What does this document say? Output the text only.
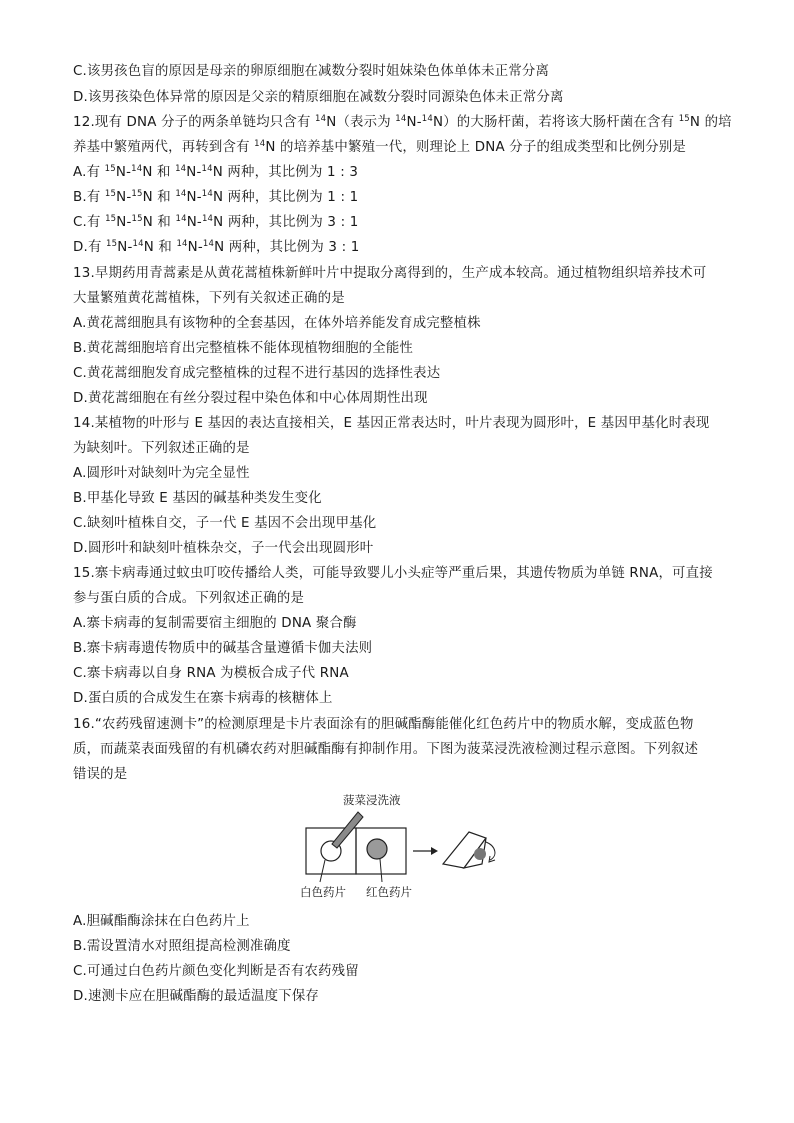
C.该男孩色盲的原因是母亲的卵原细胞在减数分裂时姐妹染色体单体未正常分离
D.该男孩染色体异常的原因是父亲的精原细胞在减数分裂时同源染色体未正常分离
12.现有 DNA 分子的两条单链均只含有 $^{14}$N（表示为 $^{14}$N-$^{14}$N）的大肠杆菌，若将该大肠杆菌在含有 $^{15}$N 的培
养基中繁殖两代，再转到含有 $^{14}$N 的培养基中繁殖一代，则理论上 DNA 分子的组成类型和比例分别是
A.有 $^{15}$N-$^{14}$N 和 $^{14}$N-$^{14}$N 两种，其比例为 1 : 3
B.有 $^{15}$N-$^{15}$N 和 $^{14}$N-$^{14}$N 两种，其比例为 1 : 1
C.有 $^{15}$N-$^{15}$N 和 $^{14}$N-$^{14}$N 两种，其比例为 3 : 1
D.有 $^{15}$N-$^{14}$N 和 $^{14}$N-$^{14}$N 两种，其比例为 3 : 1
13.早期药用青蒿素是从黄花蒿植株新鲜叶片中提取分离得到的，生产成本较高。通过植物组织培养技术可
大量繁殖黄花蒿植株，下列有关叙述正确的是
A.黄花蒿细胞具有该物种的全套基因，在体外培养能发育成完整植株
B.黄花蒿细胞培育出完整植株不能体现植物细胞的全能性
C.黄花蒿细胞发育成完整植株的过程不进行基因的选择性表达
D.黄花蒿细胞在有丝分裂过程中染色体和中心体周期性出现
14.某植物的叶形与 E 基因的表达直接相关，E 基因正常表达时，叶片表现为圆形叶，E 基因甲基化时表现
为缺刻叶。下列叙述正确的是
A.圆形叶对缺刻叶为完全显性
B.甲基化导致 E 基因的碱基种类发生变化
C.缺刻叶植株自交，子一代 E 基因不会出现甲基化
D.圆形叶和缺刻叶植株杂交，子一代会出现圆形叶
15.寨卡病毒通过蚊虫叮咬传播给人类，可能导致婴儿小头症等严重后果，其遗传物质为单链 RNA，可直接
参与蛋白质的合成。下列叙述正确的是
A.寨卡病毒的复制需要宿主细胞的 DNA 聚合酶
B.寨卡病毒遗传物质中的碱基含量遵循卡伽夫法则
C.寨卡病毒以自身 RNA 为模板合成子代 RNA
D.蛋白质的合成发生在寨卡病毒的核糖体上
16.“农药残留速测卡”的检测原理是卡片表面涂有的胆碱酯酶能催化红色药片中的物质水解，变成蓝色物
质，而蔬菜表面残留的有机磷农药对胆碱酯酶有抑制作用。下图为菠菜浸洗液检测过程示意图。下列叙述
错误的是
菠菜浸洗液
白色药片 红色药片
A.胆碱酯酶涂抹在白色药片上
B.需设置清水对照组提高检测准确度
C.可通过白色药片颜色变化判断是否有农药残留
D.速测卡应在胆碱酯酶的最适温度下保存
